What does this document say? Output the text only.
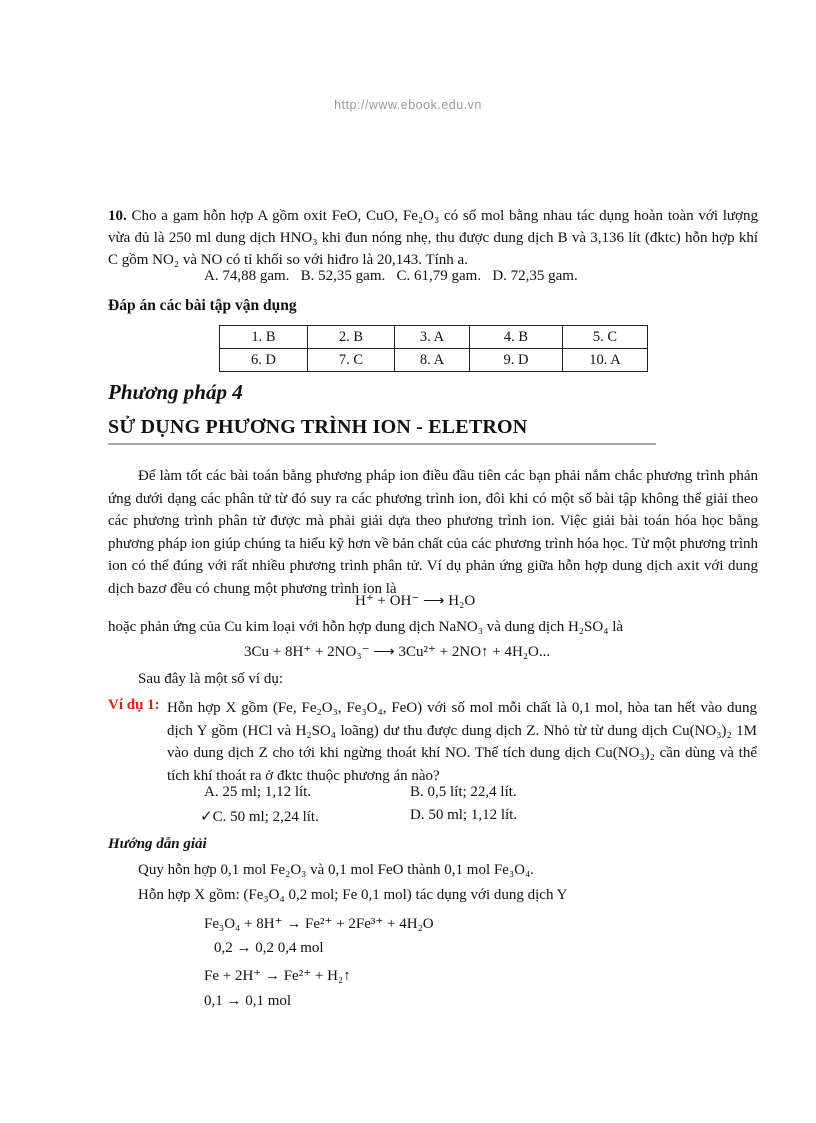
http://www.ebook.edu.vn
10. Cho a gam hỗn hợp A gồm oxit FeO, CuO, Fe₂O₃ có số mol bằng nhau tác dụng hoàn toàn với lượng vừa đủ là 250 ml dung dịch HNO₃ khi đun nóng nhẹ, thu được dung dịch B và 3,136 lít (đktc) hỗn hợp khí C gồm NO₂ và NO có tỉ khối so với hiđro là 20,143. Tính a.
A. 74,88 gam.   B. 52,35 gam.   C. 61,79 gam.   D. 72,35 gam.
Đáp án các bài tập vận dụng
1. B	2. B	3. A	4. B	5. C
6. D	7. C	8. A	9. D	10. A
Phương pháp 4
SỬ DỤNG PHƯƠNG TRÌNH ION - ELETRON

Để làm tốt các bài toán bằng phương pháp ion điều đầu tiên các bạn phải nắm chắc phương trình phản ứng dưới dạng các phân tử từ đó suy ra các phương trình ion, đôi khi có một số bài tập không thể giải theo các phương trình phân tử được mà phải giải dựa theo phương trình ion. Việc giải bài toán hóa học bằng phương pháp ion giúp chúng ta hiểu kỹ hơn về bản chất của các phương trình hóa học. Từ một phương trình ion có thể đúng với rất nhiều phương trình phân tử. Ví dụ phản ứng giữa hỗn hợp dung dịch axit với dung dịch bazơ đều có chung một phương trình ion là

H⁺ + OH⁻ ⟶ H₂O
hoặc phản ứng của Cu kim loại với hỗn hợp dung dịch NaNO₃ và dung dịch H₂SO₄ là
3Cu + 8H⁺ + 2NO₃⁻ ⟶ 3Cu²⁺ + 2NO↑ + 4H₂O...
Sau đây là một số ví dụ:
Ví dụ 1: Hỗn hợp X gồm (Fe, Fe₂O₃, Fe₃O₄, FeO) với số mol mỗi chất là 0,1 mol, hòa tan hết vào dung dịch Y gồm (HCl và H₂SO₄ loãng) dư thu được dung dịch Z. Nhỏ từ từ dung dịch Cu(NO₃)₂ 1M vào dung dịch Z cho tới khi ngừng thoát khí NO. Thể tích dung dịch Cu(NO₃)₂ cần dùng và thể tích khí thoát ra ở đktc thuộc phương án nào?
A. 25 ml; 1,12 lít.	B. 0,5 lít; 22,4 lít.
✓C. 50 ml; 2,24 lít.	D. 50 ml; 1,12 lít.
Hướng dẫn giải
Quy hỗn hợp 0,1 mol Fe₂O₃ và 0,1 mol FeO thành 0,1 mol Fe₃O₄.
Hỗn hợp X gồm: (Fe₃O₄ 0,2 mol; Fe 0,1 mol) tác dụng với dung dịch Y
Fe₃O₄ + 8H⁺ → Fe²⁺ + 2Fe³⁺ + 4H₂O
0,2 → 0,2 0,4 mol
Fe + 2H⁺ → Fe²⁺ + H₂↑
0,1 → 0,1 mol
